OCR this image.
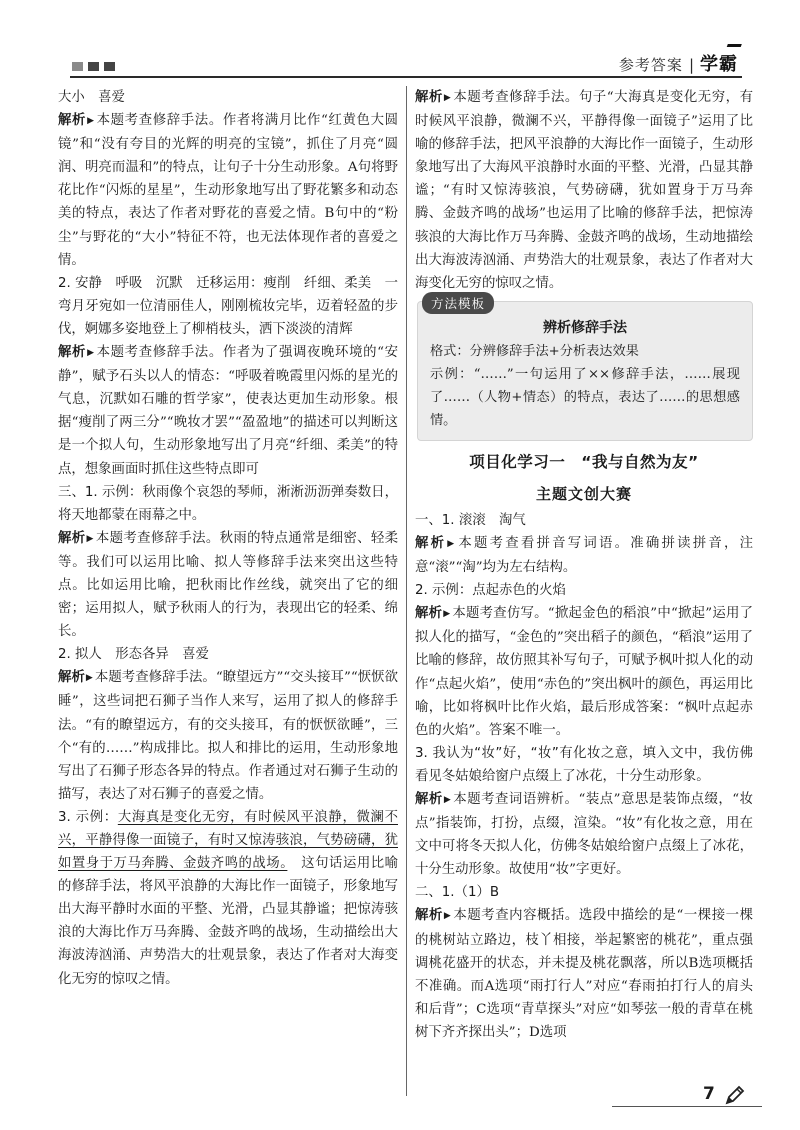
参考答案 | 学霸

大小　喜爱

解析▶ 本题考查修辞手法。作者将满月比作“红黄色大圆镜”和“没有夸目的光辉的明亮的宝镜”，抓住了月亮“圆润、明亮而温和”的特点，让句子十分生动形象。A句将野花比作“闪烁的星星”，生动形象地写出了野花繁多和动态美的特点，表达了作者对野花的喜爱之情。B句中的“粉尘”与野花的“大小”特征不符，也无法体现作者的喜爱之情。

2. 安静　呼吸　沉默　迁移运用：瘦削　纤细、柔美　一弯月牙宛如一位清丽佳人，刚刚梳妆完毕，迈着轻盈的步伐，婀娜多姿地登上了柳梢枝头，洒下淡淡的清辉

解析▶ 本题考查修辞手法。作者为了强调夜晚环境的“安静”，赋予石头以人的情态：“呼吸着晚霞里闪烁的星光的气息，沉默如石雕的哲学家”，使表达更加生动形象。根据“瘦削了两三分”“晚妆才罢”“盈盈地”的描述可以判断这是一个拟人句，生动形象地写出了月亮“纤细、柔美”的特点，想象画面时抓住这些特点即可

三、1. 示例：秋雨像个哀怨的琴师，淅淅沥沥弹奏数日，将天地都蒙在雨幕之中。

解析▶ 本题考查修辞手法。秋雨的特点通常是细密、轻柔等。我们可以运用比喻、拟人等修辞手法来突出这些特点。比如运用比喻，把秋雨比作丝线，就突出了它的细密；运用拟人，赋予秋雨人的行为，表现出它的轻柔、绵长。

2. 拟人　形态各异　喜爱

解析▶ 本题考查修辞手法。“瞭望远方”“交头接耳”“恹恹欲睡”，这些词把石狮子当作人来写，运用了拟人的修辞手法。“有的瞭望远方，有的交头接耳，有的恹恹欲睡”，三个“有的……”构成排比。拟人和排比的运用，生动形象地写出了石狮子形态各异的特点。作者通过对石狮子生动的描写，表达了对石狮子的喜爱之情。

3. 示例：大海真是变化无穷，有时候风平浪静，微澜不兴，平静得像一面镜子，有时又惊涛骇浪，气势磅礴，犹如置身于万马奔腾、金鼓齐鸣的战场。　这句话运用比喻的修辞手法，将风平浪静的大海比作一面镜子，形象地写出大海平静时水面的平整、光滑，凸显其静谧；把惊涛骇浪的大海比作万马奔腾、金鼓齐鸣的战场，生动描绘出大海波涛汹涌、声势浩大的壮观景象，表达了作者对大海变化无穷的惊叹之情。

解析▶ 本题考查修辞手法。句子“大海真是变化无穷，有时候风平浪静，微澜不兴，平静得像一面镜子”运用了比喻的修辞手法，把风平浪静的大海比作一面镜子，生动形象地写出了大海风平浪静时水面的平整、光滑，凸显其静谧；“有时又惊涛骇浪，气势磅礴，犹如置身于万马奔腾、金鼓齐鸣的战场”也运用了比喻的修辞手法，把惊涛骇浪的大海比作万马奔腾、金鼓齐鸣的战场，生动地描绘出大海波涛汹涌、声势浩大的壮观景象，表达了作者对大海变化无穷的惊叹之情。

方法模板
辨析修辞手法

格式：分辨修辞手法+分析表达效果

示例：“……”一句运用了××修辞手法，……展现了……（人物+情态）的特点，表达了……的思想感情。

项目化学习一　“我与自然为友”
主题文创大赛

一、1. 滚滚　淘气

解析▶ 本题考查看拼音写词语。准确拼读拼音，注意“滚”“淘”均为左右结构。

2. 示例：点起赤色的火焰

解析▶ 本题考查仿写。“掀起金色的稻浪”中“掀起”运用了拟人化的描写，“金色的”突出稻子的颜色，“稻浪”运用了比喻的修辞，故仿照其补写句子，可赋予枫叶拟人化的动作“点起火焰”，使用“赤色的”突出枫叶的颜色，再运用比喻，比如将枫叶比作火焰，最后形成答案：“枫叶点起赤色的火焰”。答案不唯一。

3. 我认为“妆”好，“妆”有化妆之意，填入文中，我仿佛看见冬姑娘给窗户点缀上了冰花，十分生动形象。

解析▶ 本题考查词语辨析。“装点”意思是装饰点缀，“妆点”指装饰，打扮，点缀，渲染。“妆”有化妆之意，用在文中可将冬天拟人化，仿佛冬姑娘给窗户点缀上了冰花，十分生动形象。故使用“妆”字更好。

二、1.（1）B

解析▶ 本题考查内容概括。选段中描绘的是“一棵接一棵的桃树站立路边，枝丫相接，举起繁密的桃花”，重点强调桃花盛开的状态，并未提及桃花飘落，所以B选项概括不准确。而A选项“雨打行人”对应“春雨拍打行人的肩头和后背”；C选项“青草探头”对应“如琴弦一般的青草在桃树下齐齐探出头”；D选项

7
